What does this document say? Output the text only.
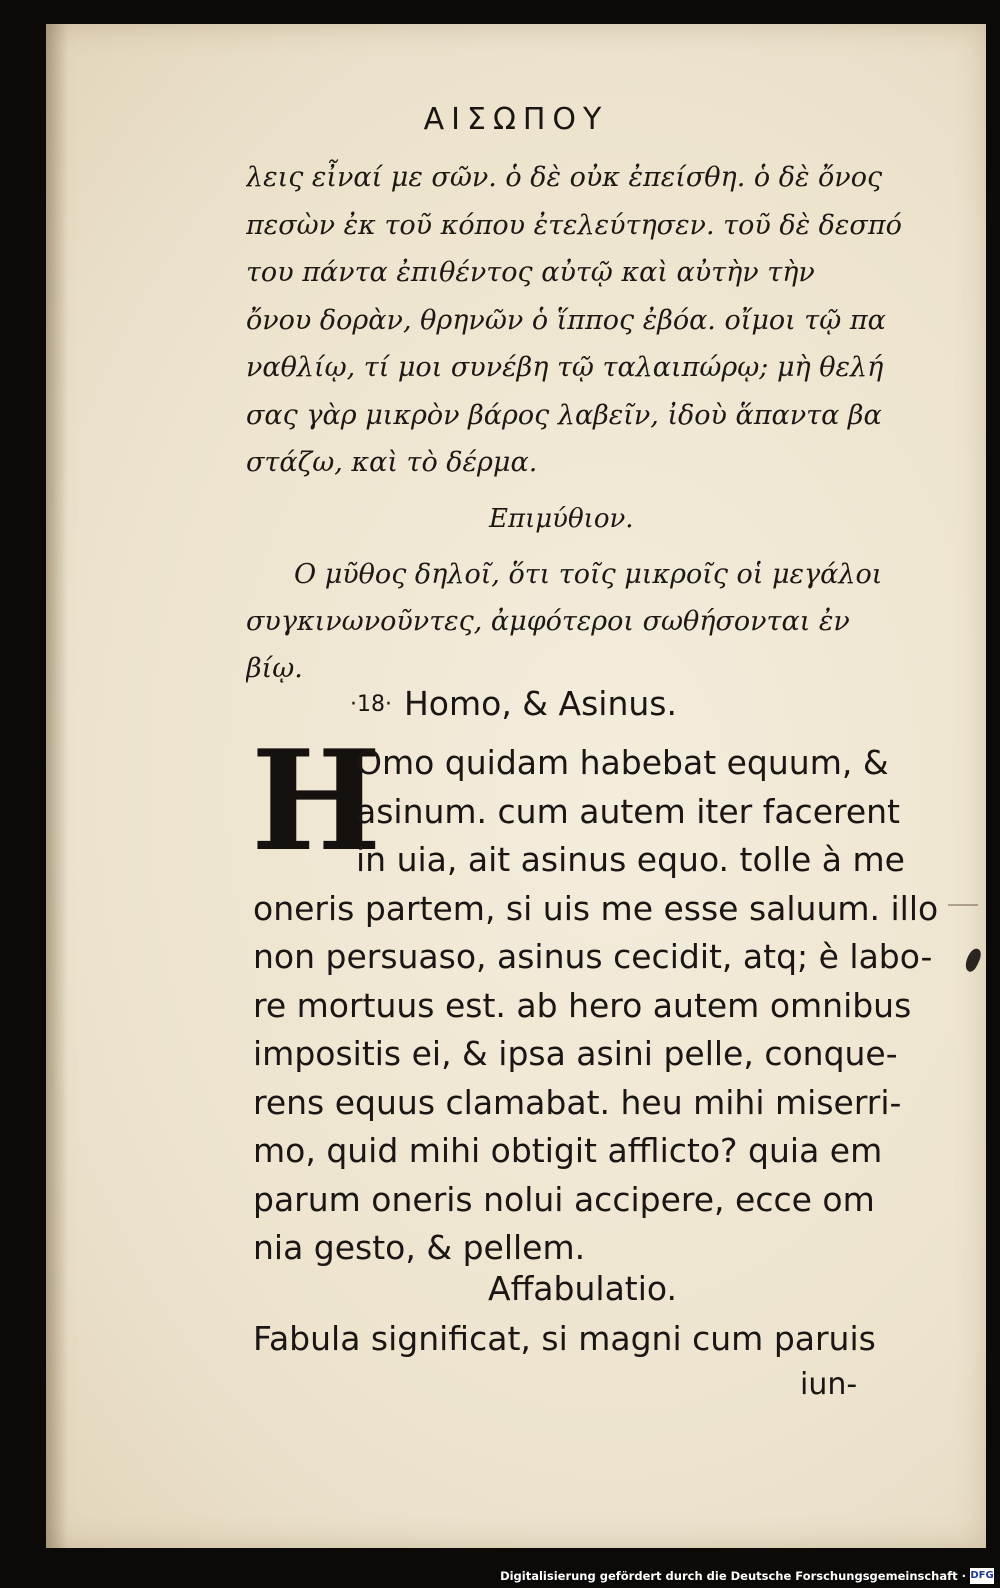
ΑΙΣΩΠΟΥ
λεις εἶναί με σῶν. ὁ δὲ οὐκ ἐπείσθη. ὁ δὲ ὄνος
πεσὼν ἐκ τοῦ κόπου ἐτελεύτησεν. τοῦ δὲ δεσπό
του πάντα ἐπιθέντος αὐτῷ καὶ αὐτὴν τὴν
ὄνου δορὰν, θρηνῶν ὁ ἵππος ἐβόα. οἴμοι τῷ πα
ναθλίῳ, τί μοι συνέβη τῷ ταλαιπώρῳ; μὴ θελή
σας γὰρ μικρὸν βάρος λαβεῖν, ἰδοὺ ἅπαντα βα
στάζω, καὶ τὸ δέρμα.
Επιμύθιον.
Ο μῦθος δηλοῖ, ὅτι τοῖς μικροῖς οἱ μεγάλοι
συγκινωνοῦντες, ἀμφότεροι σωθήσονται ἐν
βίῳ.
·18· Homo, & Asinus.
H
Omo quidam habebat equum, &
asinum. cum autem iter facerent
in uia, ait asinus equo. tolle à me
oneris partem, si uis me esse saluum. illo
non persuaso, asinus cecidit, atq; è labo-
re mortuus est. ab hero autem omnibus
impositis ei, & ipsa asini pelle, conque-
rens equus clamabat. heu mihi miserri-
mo, quid mihi obtigit afflicto? quia em
parum oneris nolui accipere, ecce om
nia gesto, & pellem.
Affabulatio.
Fabula significat, si magni cum paruis
iun-
Digitalisierung gefördert durch die Deutsche Forschungsgemeinschaft · DFG
